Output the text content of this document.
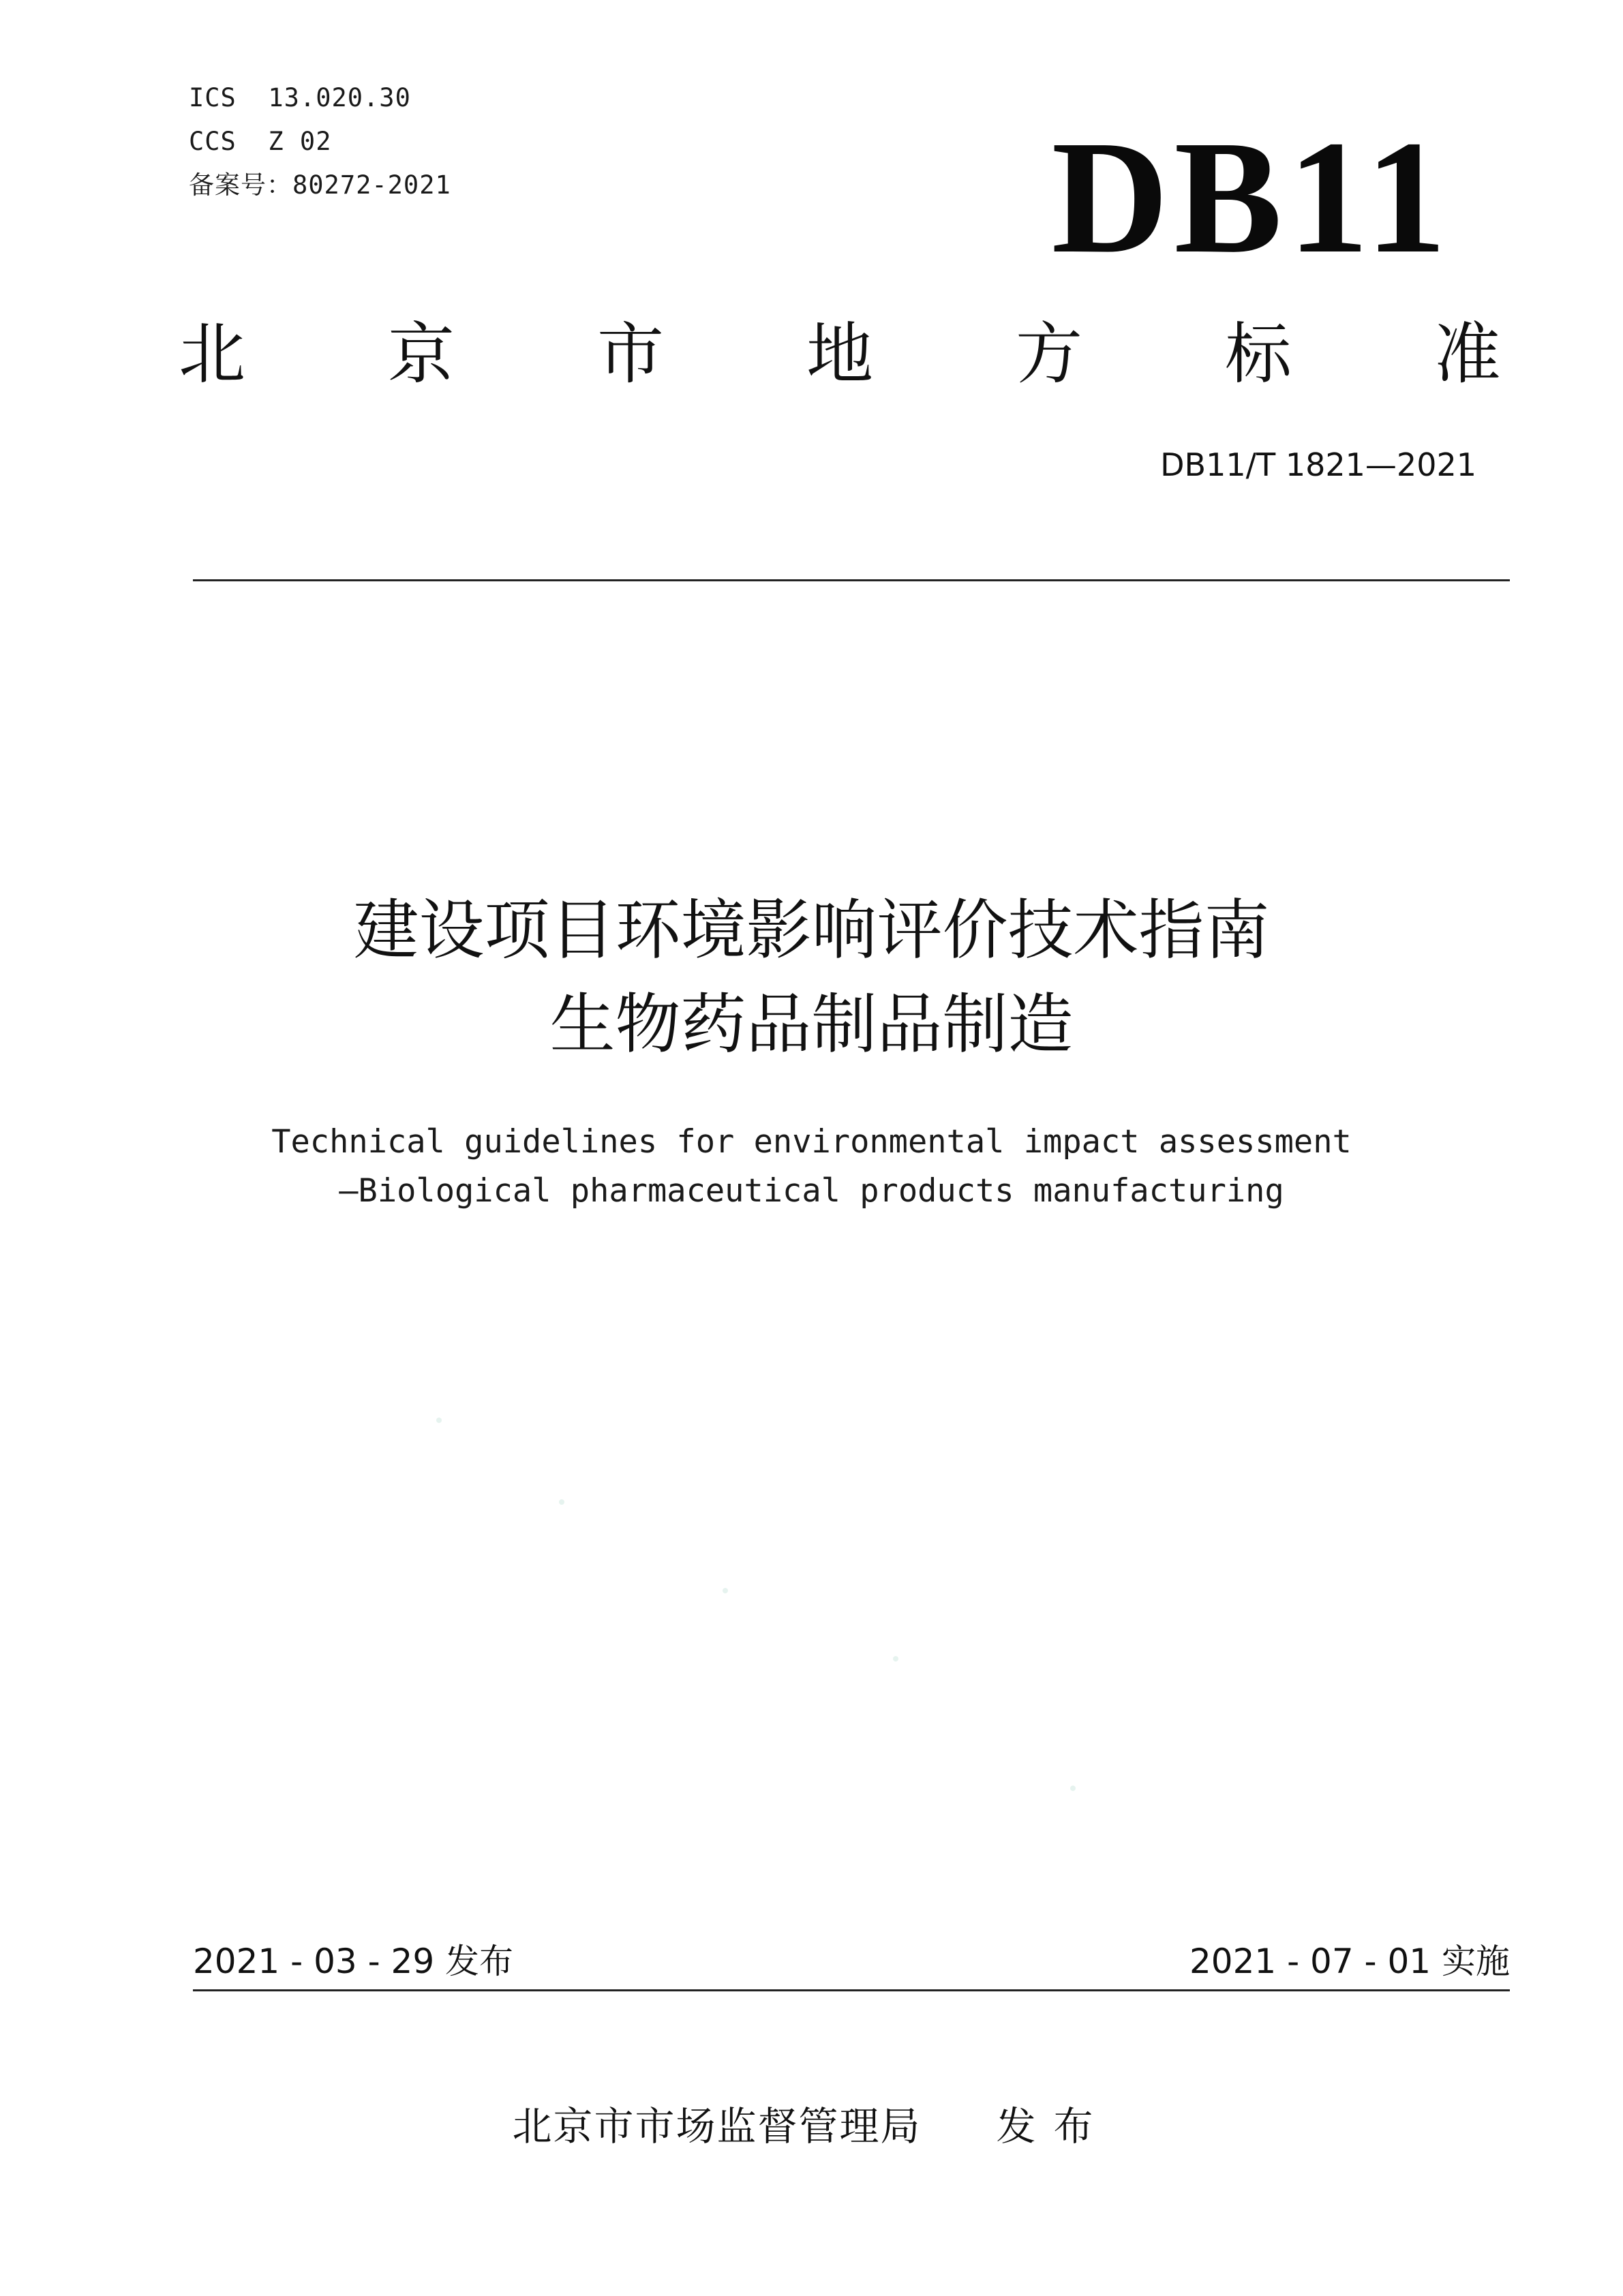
ICS  13.020.30
CCS  Z 02
备案号：80272-2021	DB11
北 京 市 地 方 标 准
DB11/T 1821—2021
建设项目环境影响评价技术指南
生物药品制品制造
Technical guidelines for environmental impact assessment
—Biological pharmaceutical products manufacturing
2021 - 03 - 29 发布	2021 - 07 - 01 实施
北京市市场监督管理局 发布
